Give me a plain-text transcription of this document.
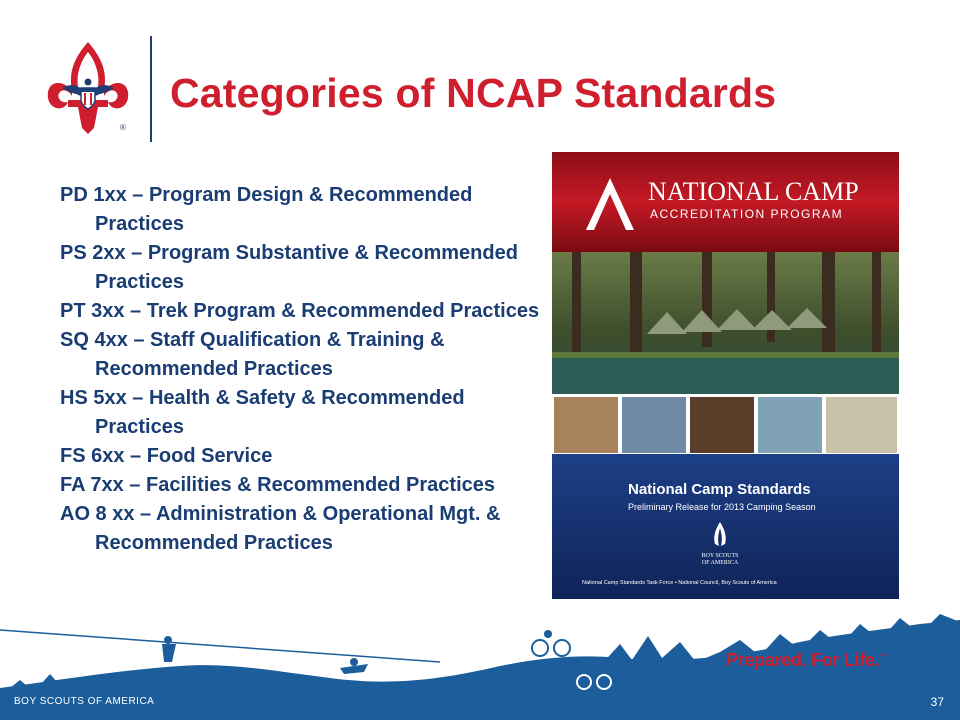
®
Categories of NCAP Standards
PD 1xx – Program Design & Recommended Practices
PS 2xx – Program Substantive & Recommended Practices
PT 3xx – Trek Program & Recommended Practices
SQ 4xx – Staff Qualification & Training & Recommended Practices
HS 5xx – Health & Safety & Recommended Practices
FS 6xx – Food Service
FA 7xx – Facilities & Recommended Practices
AO 8 xx – Administration & Operational Mgt. & Recommended Practices
NATIONAL CAMP
ACCREDITATION PROGRAM
National Camp Standards
Preliminary Release for 2013 Camping Season
BOY SCOUTS
OF AMERICA
National Camp Standards Task Force • National Council, Boy Scouts of America
Prepared. For Life.™
BOY SCOUTS OF AMERICA	37
